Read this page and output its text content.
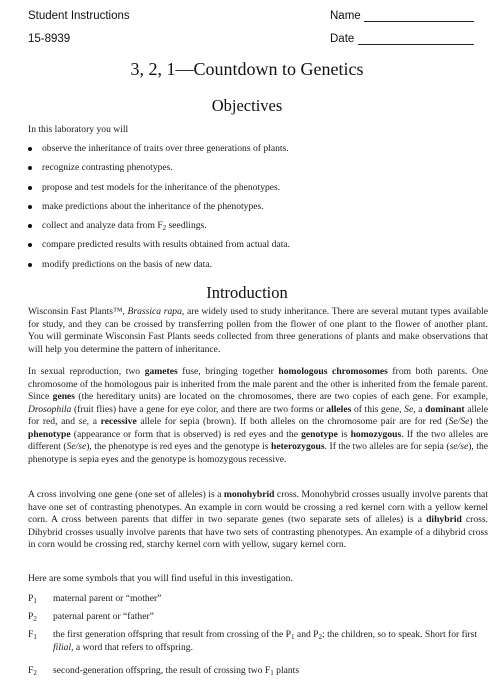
Student Instructions
15-8939
Name
Date
3, 2, 1—Countdown to Genetics
Objectives
In this laboratory you will
observe the inheritance of traits over three generations of plants.
recognize contrasting phenotypes.
propose and test models for the inheritance of the phenotypes.
make predictions about the inheritance of the phenotypes.
collect and analyze data from $F_2$ seedlings.
compare predicted results with results obtained from actual data.
modify predictions on the basis of new data.
Introduction
Wisconsin Fast Plants™, Brassica rapa, are widely used to study inheritance. There are several mutant types available for study, and they can be crossed by transferring pollen from the flower of one plant to the flower of another plant. You will germinate Wisconsin Fast Plants seeds collected from three generations of plants and make observations that will help you determine the pattern of inheritance.
In sexual reproduction, two gametes fuse, bringing together homologous chromosomes from both parents. One chromosome of the homologous pair is inherited from the male parent and the other is inherited from the female parent. Since genes (the hereditary units) are located on the chromosomes, there are two copies of each gene. For example, Drosophila (fruit flies) have a gene for eye color, and there are two forms or alleles of this gene, Se, a dominant allele for red, and se, a recessive allele for sepia (brown). If both alleles on the chromosome pair are for red (Se/Se) the phenotype (appearance or form that is observed) is red eyes and the genotype is homozygous. If the two alleles are different (Se/se), the phenotype is red eyes and the genotype is heterozygous. If the two alleles are for sepia (se/se), the phenotype is sepia eyes and the genotype is homozygous recessive.
A cross involving one gene (one set of alleles) is a monohybrid cross. Monohybrid crosses usually involve parents that have one set of contrasting phenotypes. An example in corn would be crossing a red kernel corn with a yellow kernel corn. A cross between parents that differ in two separate genes (two separate sets of alleles) is a dihybrid cross. Dihybrid crosses usually involve parents that have two sets of contrasting phenotypes. An example of a dihybrid cross in corn would be crossing red, starchy kernel corn with yellow, sugary kernel corn.
Here are some symbols that you will find useful in this investigation.
$P_1$	maternal parent or “mother”
$P_2$	paternal parent or “father”
$F_1$	the first generation offspring that result from crossing of the $P_1$ and $P_2$; the children, so to speak. Short for first filial, a word that refers to offspring.
$F_2$	second-generation offspring, the result of crossing two $F_1$ plants
